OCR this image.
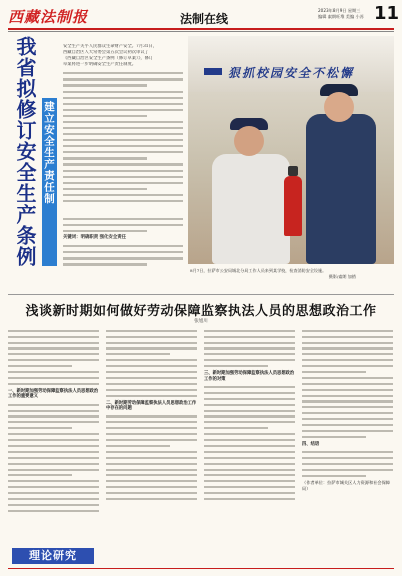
西藏法制报	法制在线
2023年8月9日 星期三
编辑 索朗旺堆 美编 小苏 11
我省拟修订安全生产条例 建立安全生产责任制
安全生产关乎人民群众生命财产安全。7月31日，
西藏自治区人大常委会第五次会议初次审议了
《西藏自治区安全生产条例（修订草案）》，修订
草案将进一步明确安全生产责任制度。
关键词：明确职责 强化安全责任
狠抓校园安全不松懈
8月7日，拉萨市公安局城北分局工作人员来到某学校，检查消防安全设施。
摄影/索朗 加措
浅谈新时期如何做好劳动保障监察执法人员的思想政治工作
张旭川
一、新时期加强劳动保障监察执法人员思想政治工作的重要意义
二、新时期劳动保障监察执法人员思想政治工作中存在的问题
三、新时期加强劳动保障监察执法人员思想政治工作的对策
四、结语
（作者单位：拉萨市城关区人力资源和社会保障局）
理论研究
